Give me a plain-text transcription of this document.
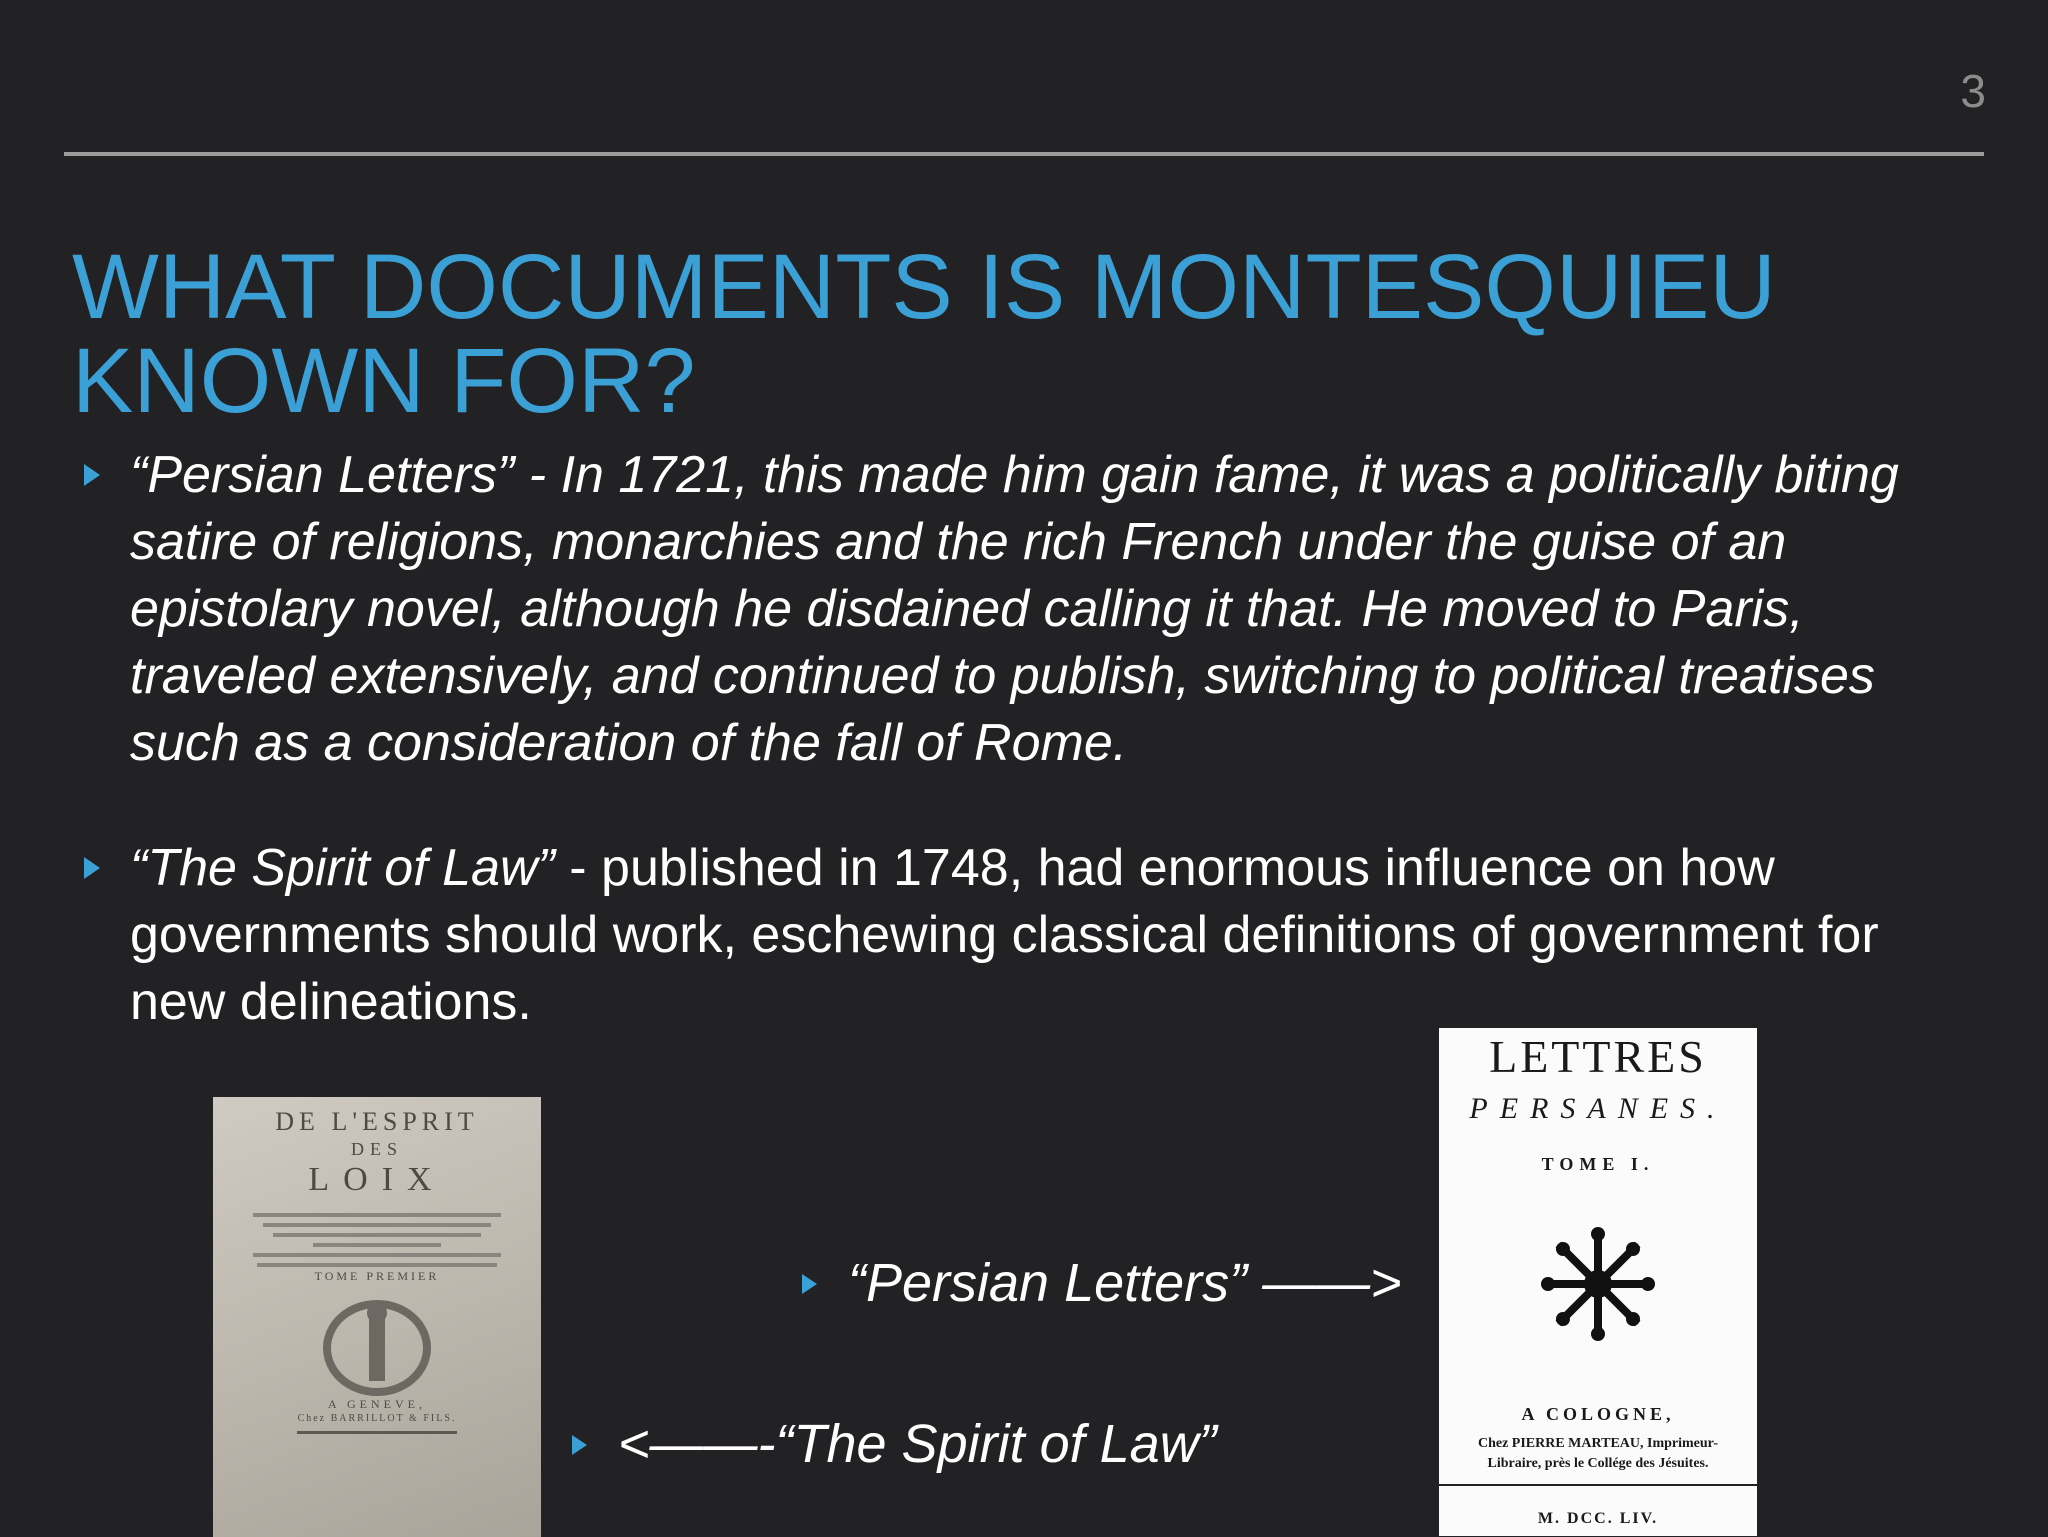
3
WHAT DOCUMENTS IS MONTESQUIEU
KNOWN FOR?
“Persian Letters” - In 1721, this made him gain fame, it was a politically biting satire of religions, monarchies and the rich French under the guise of an epistolary novel, although he disdained calling it that. He moved to Paris, traveled extensively, and continued to publish, switching to political treatises such as a consideration of the fall of Rome.
“The Spirit of Law” - published in 1748, had enormous influence on how governments should work, eschewing classical definitions of government for new delineations.
DE L'ESPRIT
DES
LOIX
TOME PREMIER
A GENEVE,
Chez BARRILLOT & FILS.
LETTRES
PERSANES.
TOME I.
A COLOGNE,
Chez PIERRE MARTEAU, Imprimeur-
Libraire, près le Collége des Jésuites.
M. DCC. LIV.
“Persian Letters” ——>
<——-“The Spirit of Law”
